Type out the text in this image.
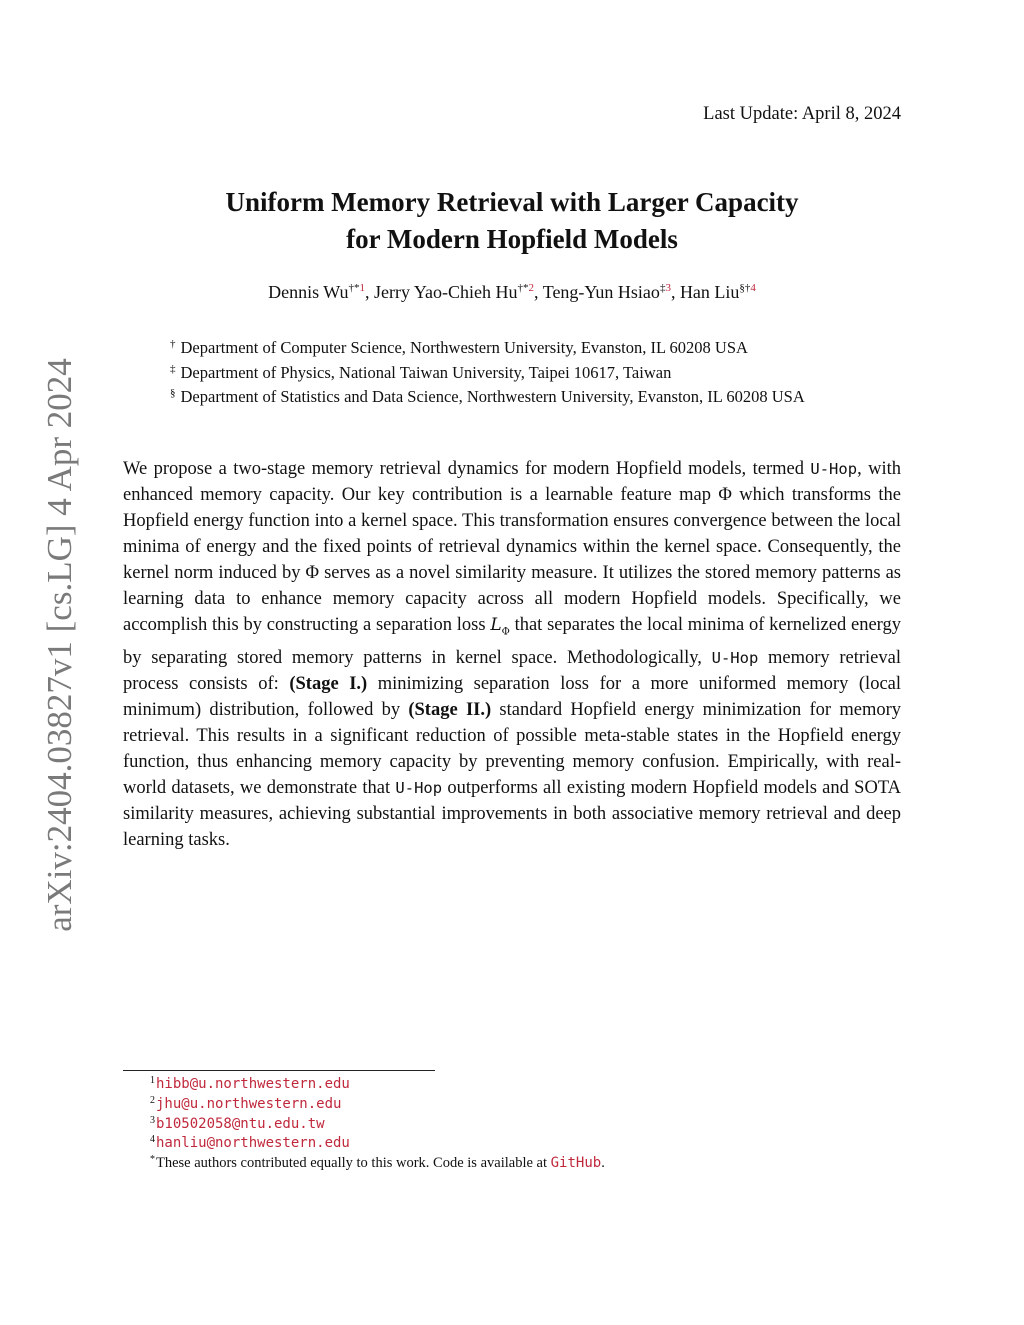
arXiv:2404.03827v1 [cs.LG] 4 Apr 2024
Last Update: April 8, 2024
Uniform Memory Retrieval with Larger Capacity
for Modern Hopfield Models
Dennis Wu$^{\dagger*1}$, Jerry Yao-Chieh Hu$^{\dagger*2}$, Teng-Yun Hsiao$^{\ddagger 3}$, Han Liu$^{\S\dagger 4}$
† Department of Computer Science, Northwestern University, Evanston, IL 60208 USA
‡ Department of Physics, National Taiwan University, Taipei 10617, Taiwan
§ Department of Statistics and Data Science, Northwestern University, Evanston, IL 60208 USA
We propose a two-stage memory retrieval dynamics for modern Hopfield models, termed U-Hop, with enhanced memory capacity. Our key contribution is a learnable feature map Φ which transforms the Hopfield energy function into a kernel space. This transformation ensures convergence between the local minima of energy and the fixed points of retrieval dynamics within the kernel space. Consequently, the kernel norm induced by Φ serves as a novel similarity measure. It utilizes the stored memory patterns as learning data to enhance memory capacity across all modern Hopfield models. Specifically, we accomplish this by constructing a separation loss $L_\Phi$ that separates the local minima of kernelized energy by separating stored memory patterns in kernel space. Methodologically, U-Hop memory retrieval process consists of: (Stage I.) minimizing separation loss for a more uniformed memory (local minimum) distribution, followed by (Stage II.) standard Hopfield energy minimization for memory retrieval. This results in a significant reduction of possible meta-stable states in the Hopfield energy function, thus enhancing memory capacity by preventing memory confusion. Empirically, with real-world datasets, we demonstrate that U-Hop outperforms all existing modern Hopfield models and SOTA similarity measures, achieving substantial improvements in both associative memory retrieval and deep learning tasks.
$^1$hibb@u.northwestern.edu
$^2$jhu@u.northwestern.edu
$^3$b10502058@ntu.edu.tw
$^4$hanliu@northwestern.edu
*These authors contributed equally to this work. Code is available at GitHub.
